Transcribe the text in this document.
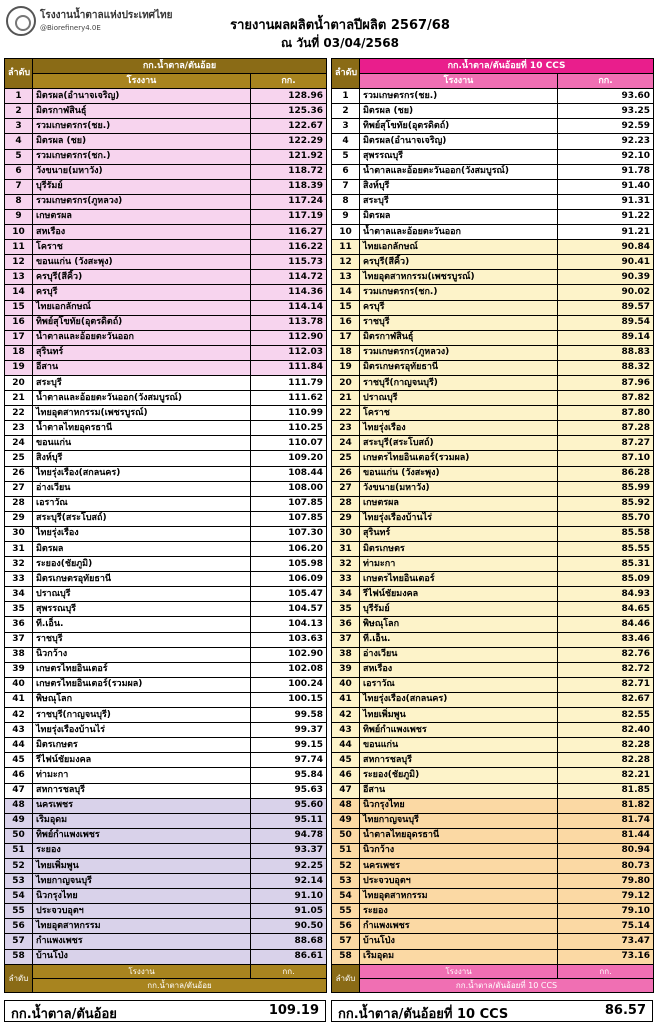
โรงงานน้ำตาลแห่งประเทศไทย
@Biorefinery4.0E	รายงานผลผลิตน้ำตาลปีผลิต 2567/68
ณ วันที่ 03/04/2568
ลำดับ	กก.น้ำตาล/ตันอ้อย	
	โรงงาน	กก.
1	มิตรผล(อำนาจเจริญ)	128.96
2	มิตรกาฬสินธุ์	125.36
3	รวมเกษตรกร(ชย.)	122.67
4	มิตรผล (ชย)	122.29
5	รวมเกษตรกร(ชก.)	121.92
6	วังขนาย(มหาวัง)	118.72
7	บุรีรัมย์	118.39
8	รวมเกษตรกร(ภูหลวง)	117.24
9	เกษตรผล	117.19
10	สหเรือง	116.27
11	โคราช	116.22
12	ขอนแก่น (วังสะพุง)	115.73
13	ครบุรี(สีคิ้ว)	114.72
14	ครบุรี	114.36
15	ไทยเอกลักษณ์	114.14
16	ทิพย์สุโขทัย(อุตรดิตถ์)	113.78
17	น้ำตาลและอ้อยตะวันออก	112.90
18	สุรินทร์	112.03
19	อีสาน	111.84
20	สระบุรี	111.79
21	น้ำตาลและอ้อยตะวันออก(วังสมบูรณ์)	111.62
22	ไทยอุตสาหกรรม(เพชรบูรณ์)	110.99
23	น้ำตาลไทยอุดรธานี	110.25
24	ขอนแก่น	110.07
25	สิงห์บุรี	109.20
26	ไทยรุ่งเรือง(สกลนคร)	108.44
27	อ่างเวียน	108.00
28	เอราวัณ	107.85
29	สระบุรี(สระโบสถ์)	107.85
30	ไทยรุ่งเรือง	107.30
31	มิตรผล	106.20
32	ระยอง(ชัยภูมิ)	105.98
33	มิตรเกษตรอุทัยธานี	106.09
34	ปราณบุรี	105.47
35	สุพรรณบุรี	104.57
36	ที.เอ็น.	104.13
37	ราชบุรี	103.63
38	นิวกว้าง	102.90
39	เกษตรไทยอินเตอร์	102.08
40	เกษตรไทยอินเตอร์(รวมผล)	100.24
41	พิษณุโลก	100.15
42	ราชบุรี(กาญจนบุรี)	99.58
43	ไทยรุ่งเรืองบ้านไร่	99.37
44	มิตรเกษตร	99.15
45	รีไฟน์ชัยมงคล	97.74
46	ท่ามะกา	95.84
47	สหการชลบุรี	95.63
48	นครเพชร	95.60
49	เริ่มอุดม	95.11
50	ทิพย์กำแพงเพชร	94.78
51	ระยอง	93.37
52	ไทยเพิ่มพูน	92.25
53	ไทยกาญจนบุรี	92.14
54	นิวกรุงไทย	91.10
55	ประจวบอุตฯ	91.05
56	ไทยอุตสาหกรรม	90.50
57	กำแพงเพชร	88.68
58	บ้านโป่ง	86.61
ลำดับ	โรงงาน	กก.
	กก.น้ำตาล/ตันอ้อย	
ลำดับ	กก.น้ำตาล/ตันอ้อยที่ 10 CCS	
	โรงงาน	กก.
1	รวมเกษตรกร(ชย.)	93.60
2	มิตรผล (ชย)	93.25
3	ทิพย์สุโขทัย(อุตรดิตถ์)	92.59
4	มิตรผล(อำนาจเจริญ)	92.23
5	สุพรรณบุรี	92.10
6	น้ำตาลและอ้อยตะวันออก(วังสมบูรณ์)	91.78
7	สิงห์บุรี	91.40
8	สระบุรี	91.31
9	มิตรผล	91.22
10	น้ำตาลและอ้อยตะวันออก	91.21
11	ไทยเอกลักษณ์	90.84
12	ครบุรี(สีคิ้ว)	90.41
13	ไทยอุตสาหกรรม(เพชรบูรณ์)	90.39
14	รวมเกษตรกร(ชก.)	90.02
15	ครบุรี	89.57
16	ราชบุรี	89.54
17	มิตรกาฬสินธุ์	89.14
18	รวมเกษตรกร(ภูหลวง)	88.83
19	มิตรเกษตรอุทัยธานี	88.32
20	ราชบุรี(กาญจนบุรี)	87.96
21	ปราณบุรี	87.82
22	โคราช	87.80
23	ไทยรุ่งเรือง	87.28
24	สระบุรี(สระโบสถ์)	87.27
25	เกษตรไทยอินเตอร์(รวมผล)	87.10
26	ขอนแก่น (วังสะพุง)	86.28
27	วังขนาย(มหาวัง)	85.99
28	เกษตรผล	85.92
29	ไทยรุ่งเรืองบ้านไร่	85.70
30	สุรินทร์	85.58
31	มิตรเกษตร	85.55
32	ท่ามะกา	85.31
33	เกษตรไทยอินเตอร์	85.09
34	รีไฟน์ชัยมงคล	84.93
35	บุรีรัมย์	84.65
36	พิษณุโลก	84.46
37	ที.เอ็น.	83.46
38	อ่างเวียน	82.76
39	สหเรือง	82.72
40	เอราวัณ	82.71
41	ไทยรุ่งเรือง(สกลนคร)	82.67
42	ไทยเพิ่มพูน	82.55
43	ทิพย์กำแพงเพชร	82.40
44	ขอนแก่น	82.28
45	สหการชลบุรี	82.28
46	ระยอง(ชัยภูมิ)	82.21
47	อีสาน	81.85
48	นิวกรุงไทย	81.82
49	ไทยกาญจนบุรี	81.74
50	น้ำตาลไทยอุดรธานี	81.44
51	นิวกว้าง	80.94
52	นครเพชร	80.73
53	ประจวบอุตฯ	79.80
54	ไทยอุตสาหกรรม	79.12
55	ระยอง	79.10
56	กำแพงเพชร	75.14
57	บ้านโป่ง	73.47
58	เริ่มอุดม	73.16
ลำดับ	โรงงาน	กก.
	กก.น้ำตาล/ตันอ้อยที่ 10 CCS	
กก.น้ำตาล/ตันอ้อย	109.19 กก.น้ำตาล/ตันอ้อยที่ 10 CCS	86.57
